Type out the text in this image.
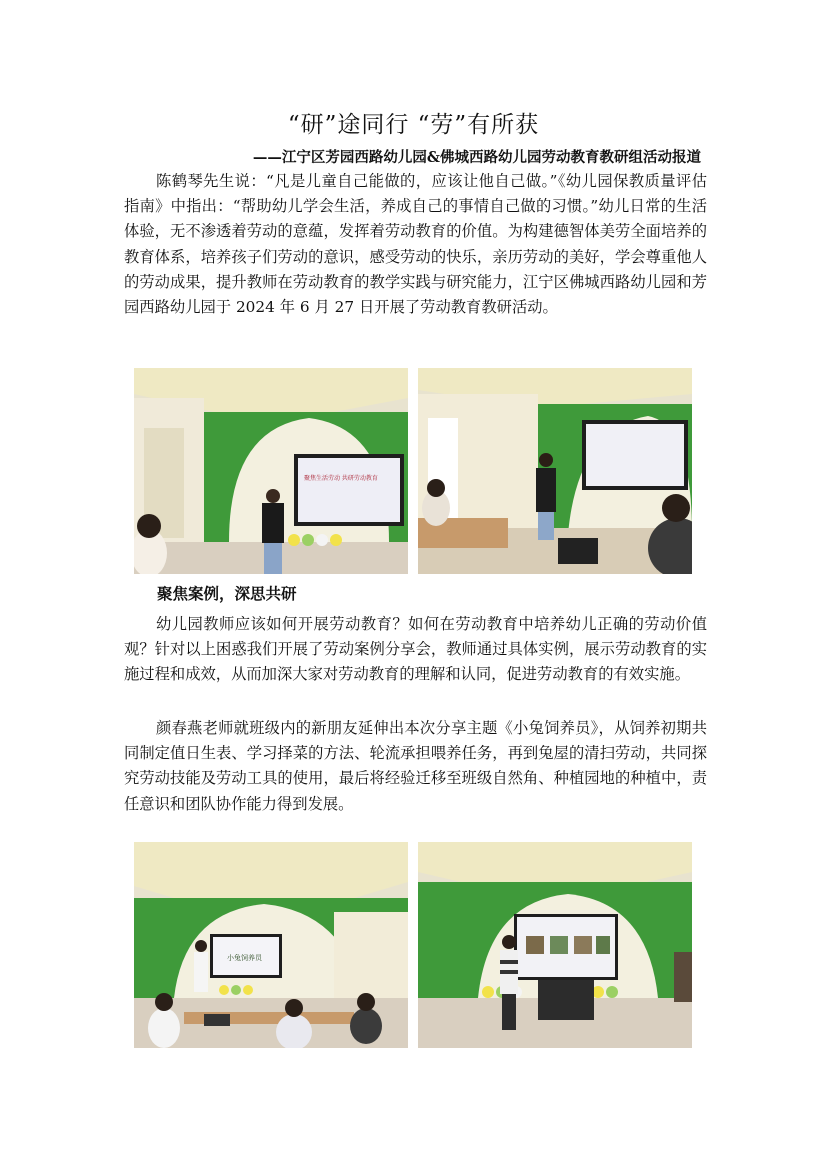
“研”途同行 “劳”有所获
——江宁区芳园西路幼儿园&佛城西路幼儿园劳动教育教研组活动报道

陈鹤琴先生说：“凡是儿童自己能做的，应该让他自己做。”《幼儿园保教质量评估指南》中指出：“帮助幼儿学会生活，养成自己的事情自己做的习惯。”幼儿日常的生活体验，无不渗透着劳动的意蕴，发挥着劳动教育的价值。为构建德智体美劳全面培养的教育体系，培养孩子们劳动的意识，感受劳动的快乐，亲历劳动的美好，学会尊重他人的劳动成果，提升教师在劳动教育的教学实践与研究能力，江宁区佛城西路幼儿园和芳园西路幼儿园于 2024 年 6 月 27 日开展了劳动教育教研活动。

聚焦生活劳动 共研劳动教育
聚焦案例，深思共研

幼儿园教师应该如何开展劳动教育？如何在劳动教育中培养幼儿正确的劳动价值观？针对以上困惑我们开展了劳动案例分享会，教师通过具体实例，展示劳动教育的实施过程和成效，从而加深大家对劳动教育的理解和认同，促进劳动教育的有效实施。

颜春燕老师就班级内的新朋友延伸出本次分享主题《小兔饲养员》，从饲养初期共同制定值日生表、学习择菜的方法、轮流承担喂养任务，再到兔屋的清扫劳动，共同探究劳动技能及劳动工具的使用，最后将经验迁移至班级自然角、种植园地的种植中，责任意识和团队协作能力得到发展。

小兔饲养员
